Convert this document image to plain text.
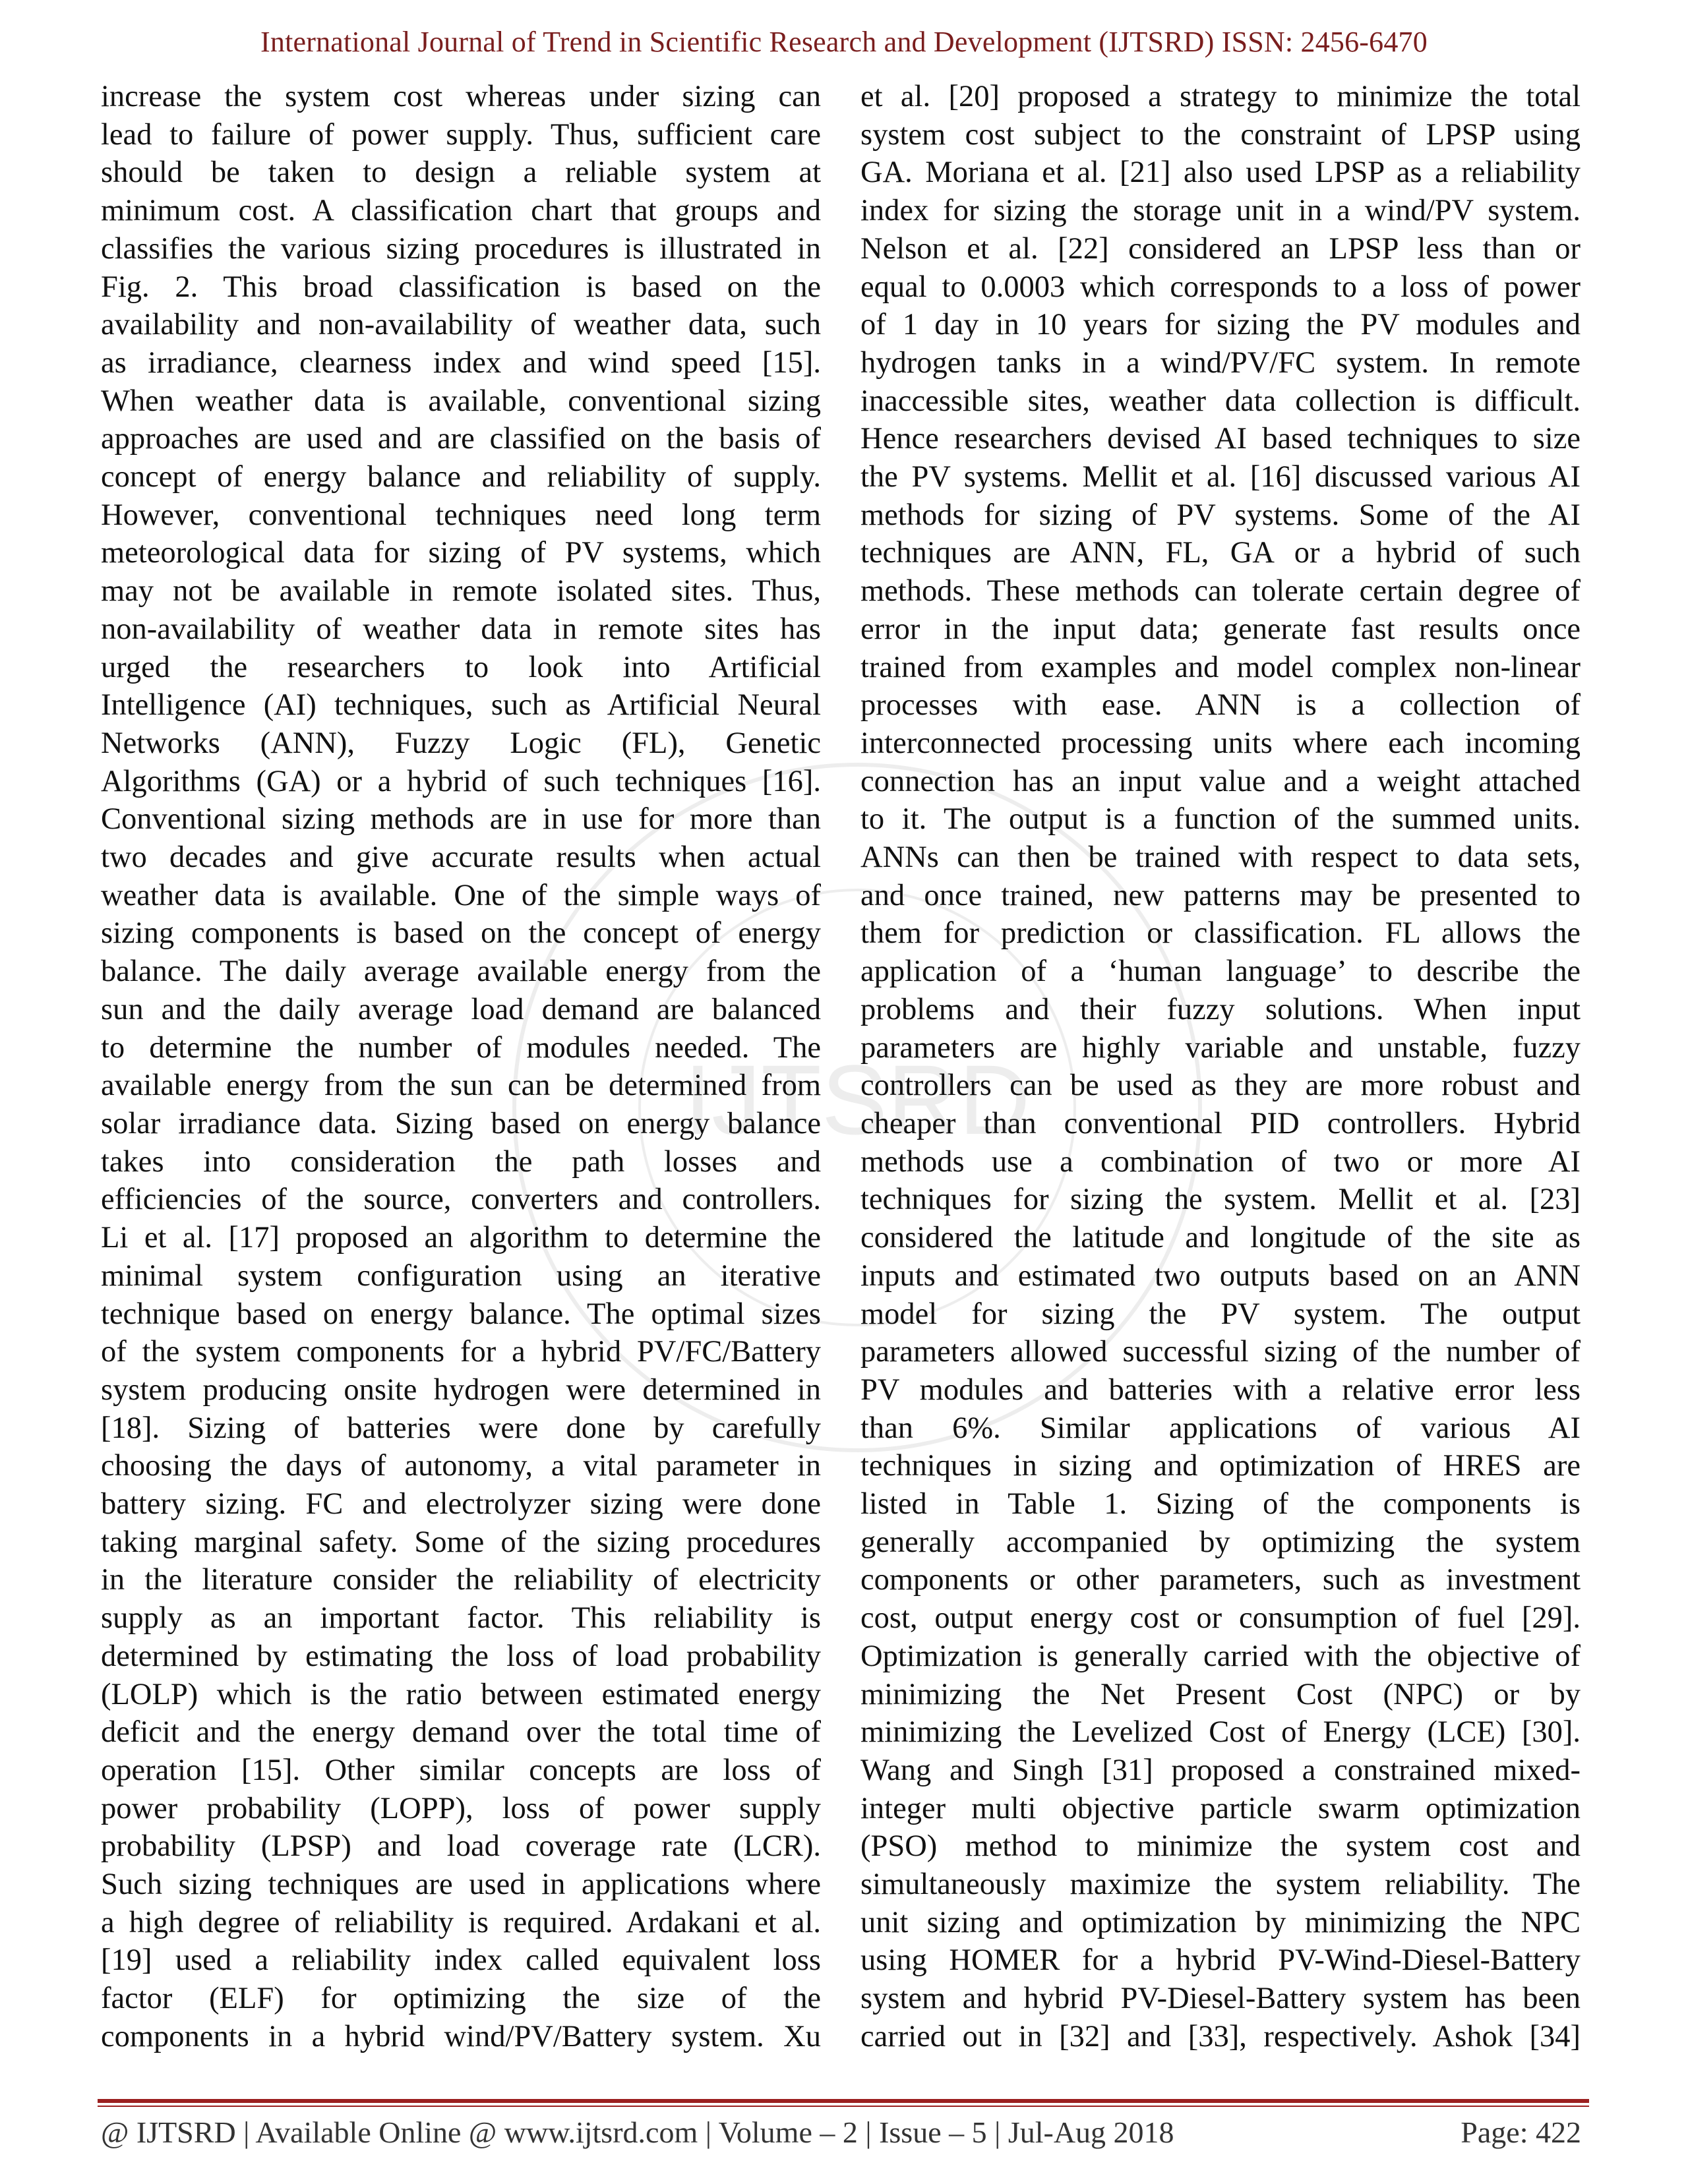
International Journal of Trend in Scientific Research and Development (IJTSRD) ISSN: 2456-6470
IJTSRD
increase the system cost whereas under sizing can
lead to failure of power supply. Thus, sufficient care
should be taken to design a reliable system at
minimum cost. A classification chart that groups and
classifies the various sizing procedures is illustrated in
Fig. 2. This broad classification is based on the
availability and non-availability of weather data, such
as irradiance, clearness index and wind speed [15].
When weather data is available, conventional sizing
approaches are used and are classified on the basis of
concept of energy balance and reliability of supply.
However, conventional techniques need long term
meteorological data for sizing of PV systems, which
may not be available in remote isolated sites. Thus,
non-availability of weather data in remote sites has
urged the researchers to look into Artificial
Intelligence (AI) techniques, such as Artificial Neural
Networks (ANN), Fuzzy Logic (FL), Genetic
Algorithms (GA) or a hybrid of such techniques [16].
Conventional sizing methods are in use for more than
two decades and give accurate results when actual
weather data is available. One of the simple ways of
sizing components is based on the concept of energy
balance. The daily average available energy from the
sun and the daily average load demand are balanced
to determine the number of modules needed. The
available energy from the sun can be determined from
solar irradiance data. Sizing based on energy balance
takes into consideration the path losses and
efficiencies of the source, converters and controllers.
Li et al. [17] proposed an algorithm to determine the
minimal system configuration using an iterative
technique based on energy balance. The optimal sizes
of the system components for a hybrid PV/FC/Battery
system producing onsite hydrogen were determined in
[18]. Sizing of batteries were done by carefully
choosing the days of autonomy, a vital parameter in
battery sizing. FC and electrolyzer sizing were done
taking marginal safety. Some of the sizing procedures
in the literature consider the reliability of electricity
supply as an important factor. This reliability is
determined by estimating the loss of load probability
(LOLP) which is the ratio between estimated energy
deficit and the energy demand over the total time of
operation [15]. Other similar concepts are loss of
power probability (LOPP), loss of power supply
probability (LPSP) and load coverage rate (LCR).
Such sizing techniques are used in applications where
a high degree of reliability is required. Ardakani et al.
[19] used a reliability index called equivalent loss
factor (ELF) for optimizing the size of the
components in a hybrid wind/PV/Battery system. Xu
et al. [20] proposed a strategy to minimize the total
system cost subject to the constraint of LPSP using
GA. Moriana et al. [21] also used LPSP as a reliability
index for sizing the storage unit in a wind/PV system.
Nelson et al. [22] considered an LPSP less than or
equal to 0.0003 which corresponds to a loss of power
of 1 day in 10 years for sizing the PV modules and
hydrogen tanks in a wind/PV/FC system. In remote
inaccessible sites, weather data collection is difficult.
Hence researchers devised AI based techniques to size
the PV systems. Mellit et al. [16] discussed various AI
methods for sizing of PV systems. Some of the AI
techniques are ANN, FL, GA or a hybrid of such
methods. These methods can tolerate certain degree of
error in the input data; generate fast results once
trained from examples and model complex non-linear
processes with ease. ANN is a collection of
interconnected processing units where each incoming
connection has an input value and a weight attached
to it. The output is a function of the summed units.
ANNs can then be trained with respect to data sets,
and once trained, new patterns may be presented to
them for prediction or classification. FL allows the
application of a ‘human language’ to describe the
problems and their fuzzy solutions. When input
parameters are highly variable and unstable, fuzzy
controllers can be used as they are more robust and
cheaper than conventional PID controllers. Hybrid
methods use a combination of two or more AI
techniques for sizing the system. Mellit et al. [23]
considered the latitude and longitude of the site as
inputs and estimated two outputs based on an ANN
model for sizing the PV system. The output
parameters allowed successful sizing of the number of
PV modules and batteries with a relative error less
than 6%. Similar applications of various AI
techniques in sizing and optimization of HRES are
listed in Table 1. Sizing of the components is
generally accompanied by optimizing the system
components or other parameters, such as investment
cost, output energy cost or consumption of fuel [29].
Optimization is generally carried with the objective of
minimizing the Net Present Cost (NPC) or by
minimizing the Levelized Cost of Energy (LCE) [30].
Wang and Singh [31] proposed a constrained mixed-
integer multi objective particle swarm optimization
(PSO) method to minimize the system cost and
simultaneously maximize the system reliability. The
unit sizing and optimization by minimizing the NPC
using HOMER for a hybrid PV-Wind-Diesel-Battery
system and hybrid PV-Diesel-Battery system has been
carried out in [32] and [33], respectively. Ashok [34]
@ IJTSRD | Available Online @ www.ijtsrd.com | Volume – 2 | Issue – 5 | Jul-Aug 2018	Page: 422
